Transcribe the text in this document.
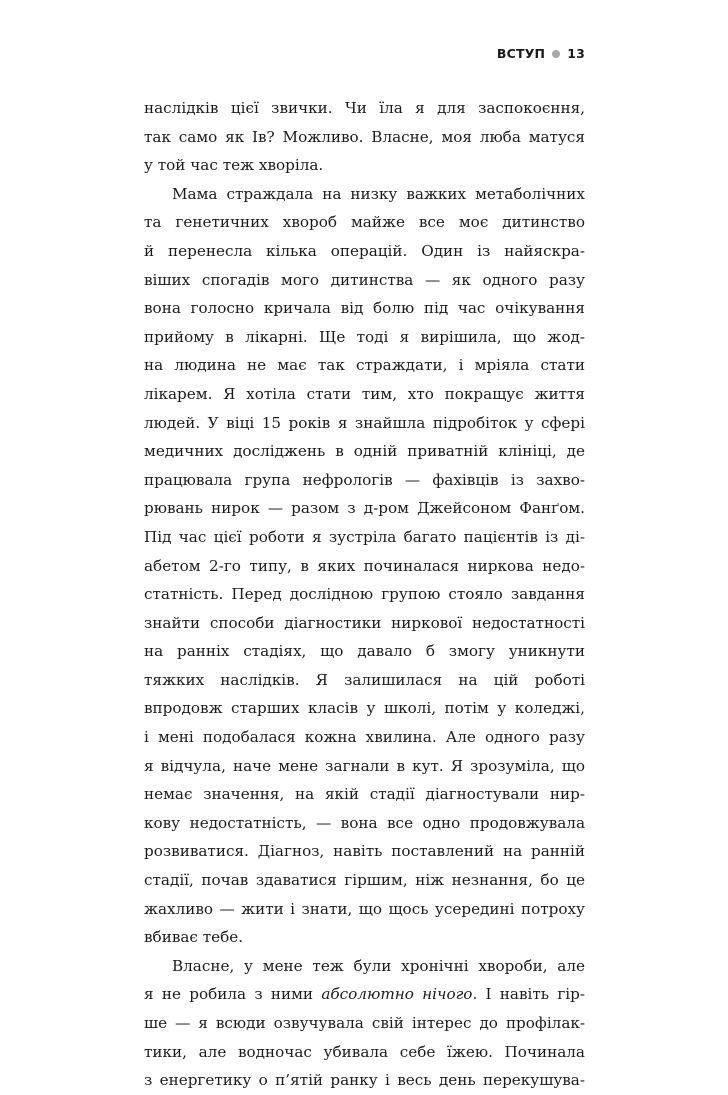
ВСТУП 13
наслідків цієї звички. Чи їла я для заспокоєння,
так само як Ів? Можливо. Власне, моя люба матуся
у той час теж хворіла.
Мама страждала на низку важких метаболічних
та генетичних хвороб майже все моє дитинство
й перенесла кілька операцій. Один із найяскра-
віших спогадів мого дитинства — як одного разу
вона голосно кричала від болю під час очікування
прийому в лікарні. Ще тоді я вирішила, що жод-
на людина не має так страждати, і мріяла стати
лікарем. Я хотіла стати тим, хто покращує життя
людей. У віці 15 років я знайшла підробіток у сфері
медичних досліджень в одній приватній клініці, де
працювала група нефрологів — фахівців із захво-
рювань нирок — разом з д-ром Джейсоном Фанґом.
Під час цієї роботи я зустріла багато пацієнтів із ді-
абетом 2-го типу, в яких починалася ниркова недо-
статність. Перед дослідною групою стояло завдання
знайти способи діагностики ниркової недостатності
на ранніх стадіях, що давало б змогу уникнути
тяжких наслідків. Я залишилася на цій роботі
впродовж старших класів у школі, потім у коледжі,
і мені подобалася кожна хвилина. Але одного разу
я відчула, наче мене загнали в кут. Я зрозуміла, що
немає значення, на якій стадії діагностували нир-
кову недостатність, — вона все одно продовжувала
розвиватися. Діагноз, навіть поставлений на ранній
стадії, почав здаватися гіршим, ніж незнання, бо це
жахливо — жити і знати, що щось усередині потроху
вбиває тебе.
Власне, у мене теж були хронічні хвороби, але
я не робила з ними абсолютно нічого. І навіть гір-
ше — я всюди озвучувала свій інтерес до профілак-
тики, але водночас убивала себе їжею. Починала
з енергетику о п’ятій ранку і весь день перекушува-
